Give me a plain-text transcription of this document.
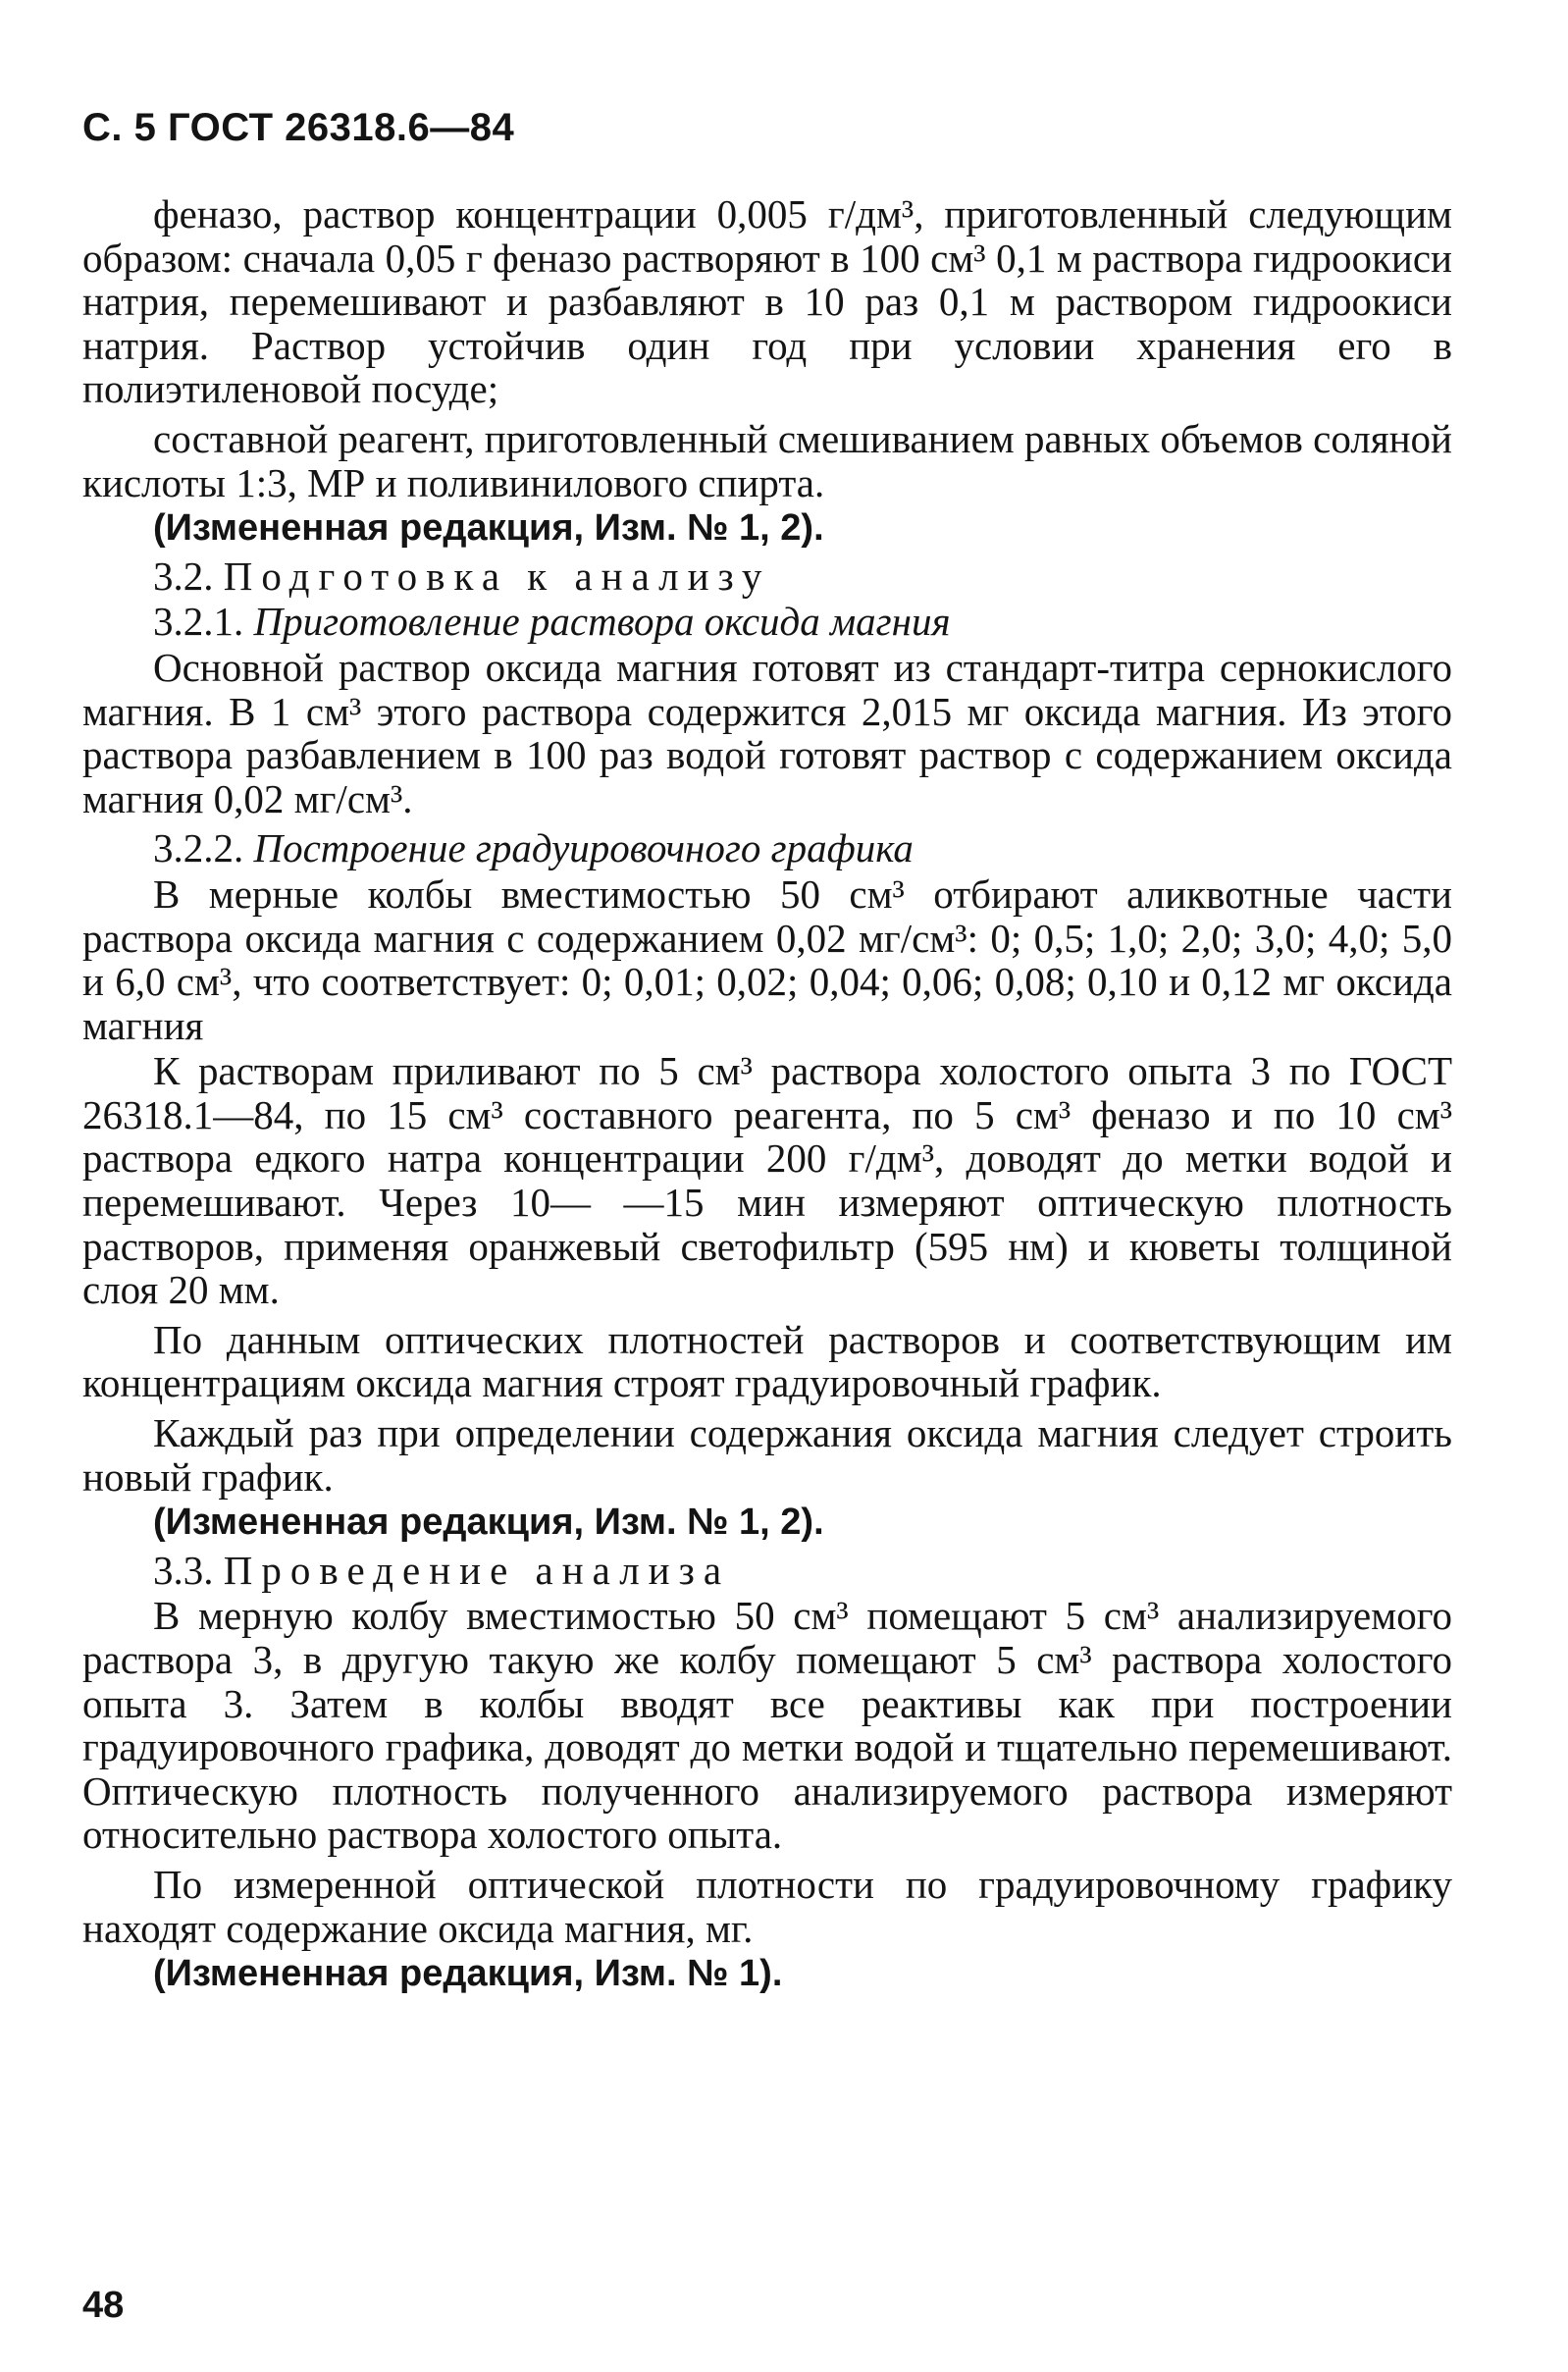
С. 5 ГОСТ 26318.6—84

феназо, раствор концентрации 0,005 г/дм³, приготовленный следующим образом: сначала 0,05 г феназо растворяют в 100 см³ 0,1 м раствора гидроокиси натрия, перемешивают и разбавляют в 10 раз 0,1 м раствором гидроокиси натрия. Раствор устойчив один год при условии хранения его в полиэтиленовой посуде;

составной реагент, приготовленный смешиванием равных объемов соляной кислоты 1:3, МР и поливинилового спирта.

(Измененная редакция, Изм. № 1, 2).

3.2. Подготовка к анализу

3.2.1. Приготовление раствора оксида магния

Основной раствор оксида магния готовят из стандарт-титра сернокислого магния. В 1 см³ этого раствора содержится 2,015 мг оксида магния. Из этого раствора разбавлением в 100 раз водой готовят раствор с содержанием оксида магния 0,02 мг/см³.

3.2.2. Построение градуировочного графика

В мерные колбы вместимостью 50 см³ отбирают аликвотные части раствора оксида магния с содержанием 0,02 мг/см³: 0; 0,5; 1,0; 2,0; 3,0; 4,0; 5,0 и 6,0 см³, что соответствует: 0; 0,01; 0,02; 0,04; 0,06; 0,08; 0,10 и 0,12 мг оксида магния

К растворам приливают по 5 см³ раствора холостого опыта 3 по ГОСТ 26318.1—84, по 15 см³ составного реагента, по 5 см³ феназо и по 10 см³ раствора едкого натра концентрации 200 г/дм³, доводят до метки водой и перемешивают. Через 10— —15 мин измеряют оптическую плотность растворов, применяя оранжевый светофильтр (595 нм) и кюветы толщиной слоя 20 мм.

По данным оптических плотностей растворов и соответствующим им концентрациям оксида магния строят градуировочный график.

Каждый раз при определении содержания оксида магния следует строить новый график.

(Измененная редакция, Изм. № 1, 2).

3.3. Проведение анализа

В мерную колбу вместимостью 50 см³ помещают 5 см³ анализируемого раствора 3, в другую такую же колбу помещают 5 см³ раствора холостого опыта 3. Затем в колбы вводят все реактивы как при построении градуировочного графика, доводят до метки водой и тщательно перемешивают. Оптическую плотность полученного анализируемого раствора измеряют относительно раствора холостого опыта.

По измеренной оптической плотности по градуировочному графику находят содержание оксида магния, мг.

(Измененная редакция, Изм. № 1).

48
